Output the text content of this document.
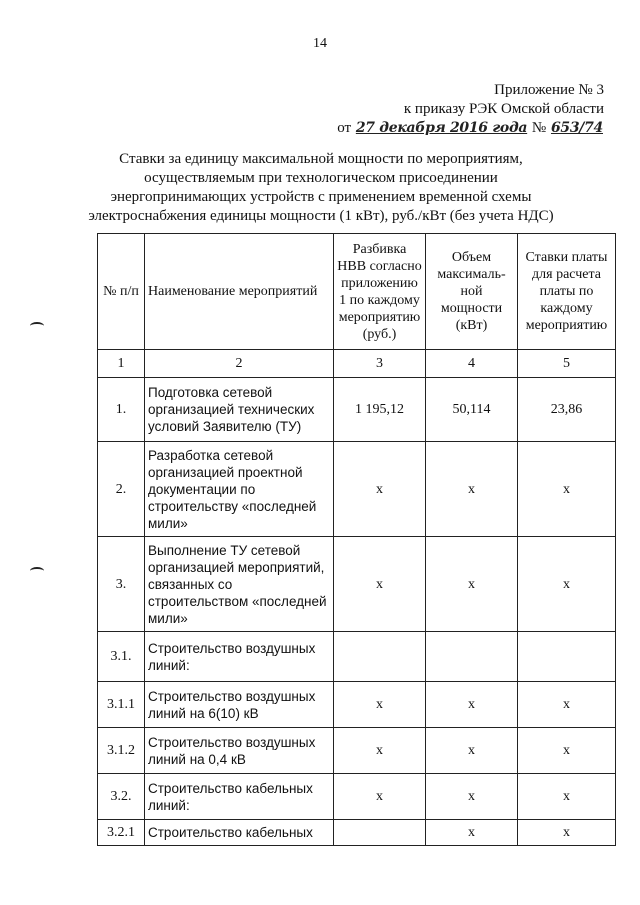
14
Приложение № 3
к приказу РЭК Омской области
от 27 декабря 2016 года № 653/74
Ставки за единицу максимальной мощности по мероприятиям, осуществляемым при технологическом присоединении энергопринимающих устройств с применением временной схемы электроснабжения единицы мощности (1 кВт), руб./кВт (без учета НДС)
№ п/п	Наименование мероприятий	Разбивка НВВ согласно приложению 1 по каждому мероприятию (руб.)	Объем максималь-ной мощности (кВт)	Ставки платы для расчета платы по каждому мероприятию
1	2	3	4	5
1.	Подготовка сетевой организацией технических условий Заявителю (ТУ)	1 195,12	50,114	23,86
2.	Разработка сетевой организацией проектной документации по строительству «последней мили»	х	х	х
3.	Выполнение ТУ сетевой организацией мероприятий, связанных со строительством «последней мили»	х	х	х
3.1.	Строительство воздушных линий:			
3.1.1	Строительство воздушных линий на 6(10) кВ	х	х	х
3.1.2	Строительство воздушных линий на 0,4 кВ	х	х	х
3.2.	Строительство кабельных линий:	х	х	х
3.2.1	Строительство кабельных		х	х
